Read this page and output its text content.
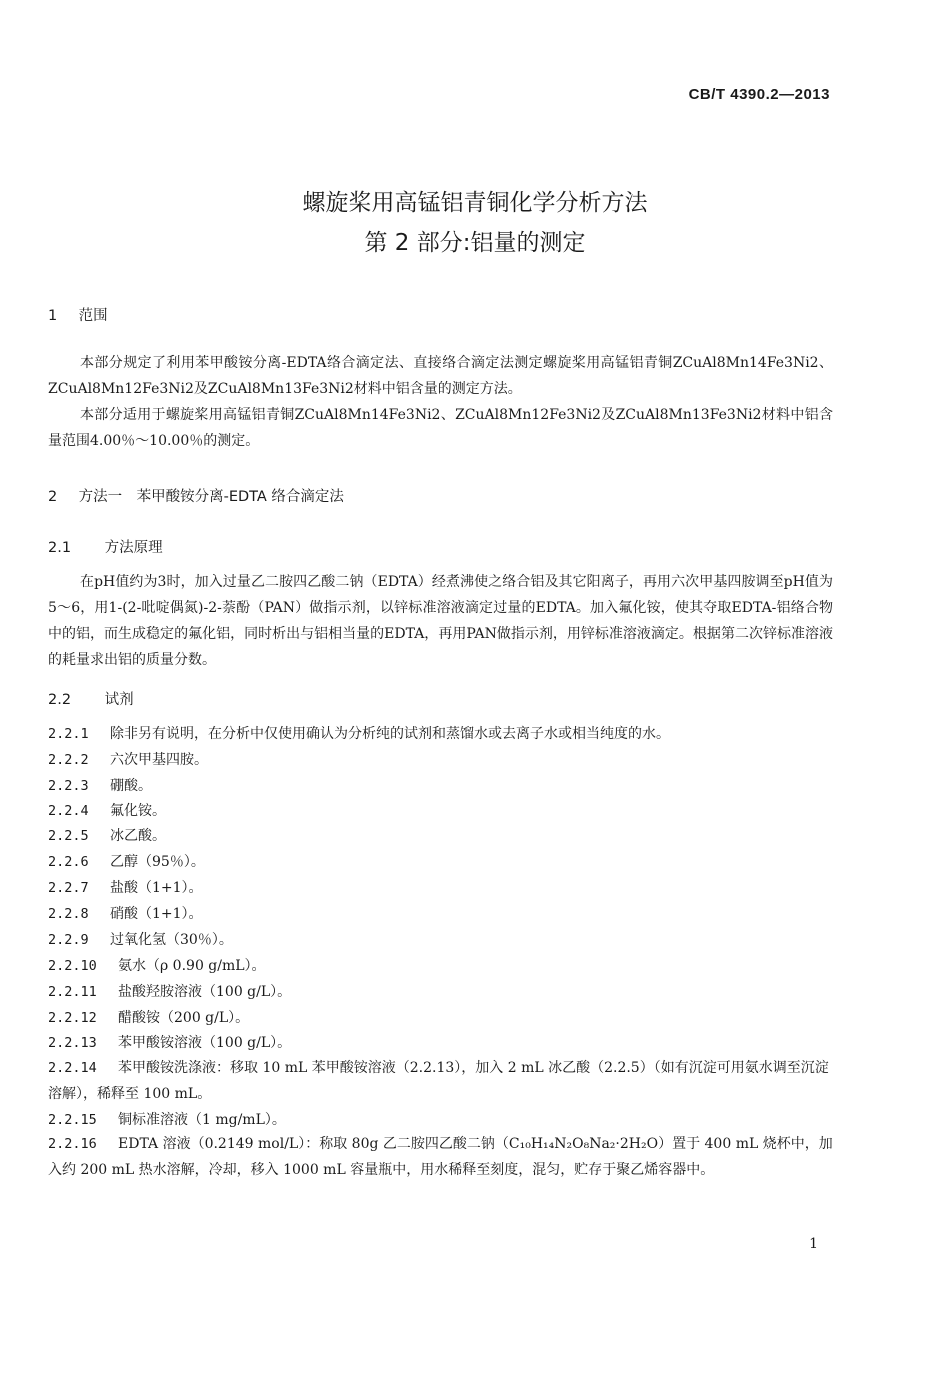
CB/T 4390.2—2013
螺旋桨用高锰铝青铜化学分析方法
第 2 部分:铝量的测定
1 范围
本部分规定了利用苯甲酸铵分离-EDTA络合滴定法、直接络合滴定法测定螺旋桨用高锰铝青铜ZCuAl8Mn14Fe3Ni2、ZCuAl8Mn12Fe3Ni2及ZCuAl8Mn13Fe3Ni2材料中铝含量的测定方法。
本部分适用于螺旋桨用高锰铝青铜ZCuAl8Mn14Fe3Ni2、ZCuAl8Mn12Fe3Ni2及ZCuAl8Mn13Fe3Ni2材料中铝含量范围4.00％～10.00％的测定。
2 方法一　苯甲酸铵分离-EDTA 络合滴定法
2.1 方法原理
在pH值约为3时，加入过量乙二胺四乙酸二钠（EDTA）经煮沸使之络合铝及其它阳离子，再用六次甲基四胺调至pH值为5～6，用1-(2-吡啶偶氮)-2-萘酚（PAN）做指示剂，以锌标准溶液滴定过量的EDTA。加入氟化铵，使其夺取EDTA-铝络合物中的铝，而生成稳定的氟化铝，同时析出与铝相当量的EDTA，再用PAN做指示剂，用锌标准溶液滴定。根据第二次锌标准溶液的耗量求出铝的质量分数。
2.2 试剂
2.2.1 除非另有说明，在分析中仅使用确认为分析纯的试剂和蒸馏水或去离子水或相当纯度的水。
2.2.2 六次甲基四胺。
2.2.3 硼酸。
2.2.4 氟化铵。
2.2.5 冰乙酸。
2.2.6 乙醇（95％）。
2.2.7 盐酸（1+1）。
2.2.8 硝酸（1+1）。
2.2.9 过氧化氢（30％）。
2.2.10 氨水（ρ 0.90 g/mL）。
2.2.11 盐酸羟胺溶液（100 g/L）。
2.2.12 醋酸铵（200 g/L）。
2.2.13 苯甲酸铵溶液（100 g/L）。
2.2.14 苯甲酸铵洗涤液：移取 10 mL 苯甲酸铵溶液（2.2.13），加入 2 mL 冰乙酸（2.2.5）（如有沉淀可用氨水调至沉淀溶解），稀释至 100 mL。
2.2.15 铜标准溶液（1 mg/mL）。
2.2.16 EDTA 溶液（0.2149 mol/L）：称取 80g 乙二胺四乙酸二钠（C₁₀H₁₄N₂O₈Na₂·2H₂O）置于 400 mL 烧杯中，加入约 200 mL 热水溶解，冷却，移入 1000 mL 容量瓶中，用水稀释至刻度，混匀，贮存于聚乙烯容器中。
1
